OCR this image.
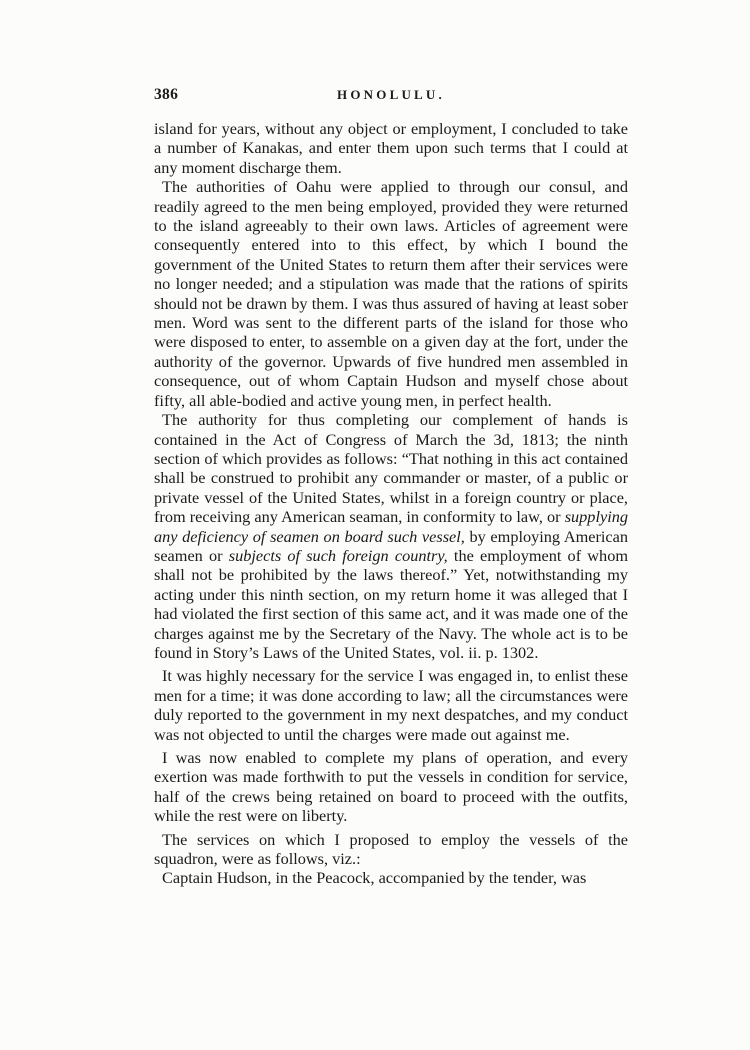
386	HONOLULU.

island for years, without any object or employment, I concluded to take a number of Kanakas, and enter them upon such terms that I could at any moment discharge them.

The authorities of Oahu were applied to through our consul, and readily agreed to the men being employed, provided they were returned to the island agreeably to their own laws. Articles of agreement were consequently entered into to this effect, by which I bound the government of the United States to return them after their services were no longer needed; and a stipulation was made that the rations of spirits should not be drawn by them. I was thus assured of having at least sober men. Word was sent to the different parts of the island for those who were disposed to enter, to assemble on a given day at the fort, under the authority of the governor. Upwards of five hundred men assembled in consequence, out of whom Captain Hudson and myself chose about fifty, all able-bodied and active young men, in perfect health.

The authority for thus completing our complement of hands is contained in the Act of Congress of March the 3d, 1813; the ninth section of which provides as follows: “That nothing in this act contained shall be construed to prohibit any commander or master, of a public or private vessel of the United States, whilst in a foreign country or place, from receiving any American seaman, in conformity to law, or supplying any deficiency of seamen on board such vessel, by employing American seamen or subjects of such foreign country, the employment of whom shall not be prohibited by the laws thereof.” Yet, notwithstanding my acting under this ninth section, on my return home it was alleged that I had violated the first section of this same act, and it was made one of the charges against me by the Secretary of the Navy. The whole act is to be found in Story’s Laws of the United States, vol. ii. p. 1302.

It was highly necessary for the service I was engaged in, to enlist these men for a time; it was done according to law; all the circumstances were duly reported to the government in my next despatches, and my conduct was not objected to until the charges were made out against me.

I was now enabled to complete my plans of operation, and every exertion was made forthwith to put the vessels in condition for service, half of the crews being retained on board to proceed with the outfits, while the rest were on liberty.

The services on which I proposed to employ the vessels of the squadron, were as follows, viz.:

Captain Hudson, in the Peacock, accompanied by the tender, was
